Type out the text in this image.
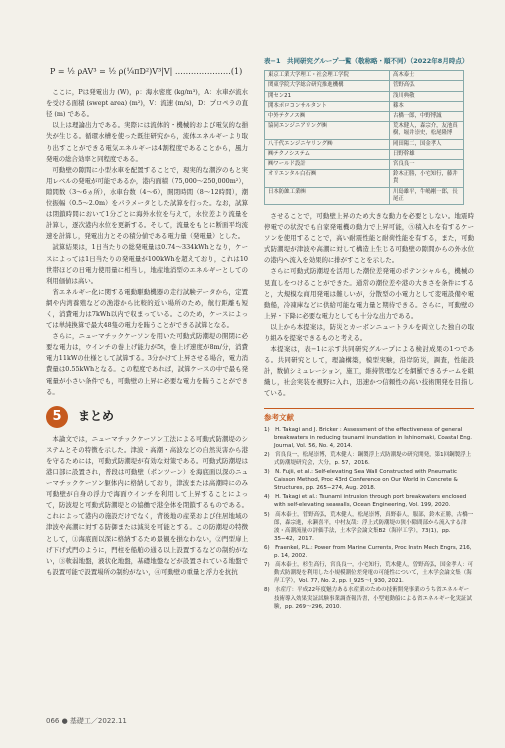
P = ½ ρAV³ = ½ ρ(¼πD²)V³|V| …………………(1)

ここに，Pは発電出力 (W)，ρ：海水密度 (kg/m³)，A：水車が流水を受ける面積 (swept area) (m²)，V：流速 (m/s)，D：プロペラの直径 (m) である。

以上は理論出力である。実際には流体的・機械的および電気的な損失が生じる。循環水槽を使った既往研究から，流体エネルギーより取り出すことができる電気エネルギーは4割程度であることから，風力発電の総合効率と同程度である。

可動壁の隙間に小型水車を配置することで，現実的な潮汐のもと実用レベルの発電が可能であるか，港内面積（75,000〜250,000m²），隙間数（3〜6ヵ所），水車台数（4〜6），開閉時間（8〜12時間），潮位振幅（0.5〜2.0m）をパラメータとした試算を行った。なお，試算は閉鎖時間において1分ごとに海外水位を与えて，水位差より流量を計算し，逐次港内水位を更新する。そして，流量をもとに断面平均流速を計算し，発電出力とその積分値である電力量（発電量）とした。

試算結果は，1日当たりの総発電量は0.74〜334kWhとなり，ケースによっては1日当たりの発電量が100kWhを超えており，これは10世帯ほどの日電力使用量に相当し，地産地消型のエネルギーとしての利用価値は高い。

省エネルギー化に関する電動駆動機器の走行試験データから，定置網や内湾養殖などの漁港から比較的近い場所のため，航行距離も短く，消費電力は7kWh以内で収まっている。このため，ケースによっては単純換算で最大48隻の電力を賄うことができる試算となる。

さらに，ニューマチックケーソンを用いた可動式防潮堤の開閉に必要な電力は，ウインチの巻上げ能力が5t，巻上げ速度が8m/分，消費電力11kWの仕様として試算する。3分かけて上昇させる場合，電力消費量は0.55kWhとなる。この程度であれば，試算ケースの中で最も発電量が小さい条件でも，可動壁の上昇に必要な電力を賄うことができる。

5	まとめ

本論文では，ニューマチックケーソン工法による可動式防潮堤のシステムとその特徴を示した。津波・高潮・高波などの自然災害から港を守るためには，可動式防潮堤が有効な対策である。可動式防潮堤は港口部に設置され，普段は可動壁（ポンツーン）を海底面以深のニューマチックケーソン躯体内に格納しており，津波または高潮時にのみ可動壁が自身の浮力で海面ウインチを利用して上昇することによって，防波堤と可動式防潮堤との協働で港全体を閉鎖するものである。これによって港内の施設だけでなく，背後地の産業および住居地域の津波や高潮に対する防御または減災を可能とする。この防潮堤の特徴として，①海底面以深に格納するため景観を損なわない，②門型扉上げ下げ式門のように，門柱を船舶の通る以上設置するなどの制約がない，③軟弱地盤，液状化地盤，基礎地盤などが設置されている地盤でも設置可能で設置場所の制約がない，④可動壁の重量と浮力を抗抗

表−1　共同研究グループ一覧（敬称略・順不同）（2022年8月時点）
東京工業大学理工・社会理工学院	高木泰士
関東学院大学総合研究推進機構	菅野高弘
開セン21	浅川典敬
開本ポロコンサルタント	篠本
中外テクノス㈱	古橋一郎，中野博誠
協同エンジニアリング㈱	荒木健人，森宗介，友池真樹，堀井崇史，松尾隆博
八千代エンジニヤリング㈱	岡田陽二，国金孝人
㈱テクノシステム	日野幹雄
㈱ワールド設計	宮良良一
オリエンタル白石㈱	鈴木正勝，小宅知行，藤井貴
日本防蝕工業㈱	川島雄平，牛嶋剛一郎，長尾正

させることで，可動壁上昇のため大きな動力を必要としない。地震時停電での状況でも自家発電機の動力で上昇可能，⑤積入れを有するケーソンを使用することで，高い耐震性能と耐荷性能を有する，また，可動式防潮堤が津波や高潮に対して構造上生じる可動壁の隙間からの外水位の港内へ流入を効果的に排がすことを示した。

さらに可動式防潮堤を活用した潮位差発電のポテンシャルも，機械の見直しをつけることができた。通常の潮位差や港の大きさを条件にすると，大規模な商用発電は難しいが，分散型の小電力として変電設備や電動船，冷凍庫などに供給可能な電力量と期待できる。さらに，可動壁の上昇・下降に必要な電力としても十分な出力である。

以上から本提案は，防災とカーボンニュートラルを両立した独自の取り組みを提案できるものと考える。

本提案は，表−1に示す共同研究グループによる検討成果の1つである。共同研究として，理論構築，模型実験，沿岸防災，調査，性能設計，数値シミュレーション，施工，維持管理などを網羅できるチームを組織し，社会実装を視野に入れ，迅速かつ信頼性の高い技術開発を目指している。

参考文献

1)　H. Takagi and J. Bricker : Assessment of the effectiveness of general breakwaters in reducing tsunami inundation in Ishinomaki, Coastal Eng. Journal, Vol. 56, No. 4, 2014.

2)　宮良良一，松尾崇博，荒木健人：鋼製浮上式防潮堤の研究開発，第1回鋼製浮上式防潮堤研究会，大分，p. 57，2016.

3)　N. Fujii, et al.: Self-elevating Sea Wall Constructed with Pneumatic Caisson Method, Proc 43rd Conference on Our World in Concrete & Structures, pp. 265−274, Aug. 2018.

4)　H. Takagi et al.: Tsunami intrusion through port breakwaters enclosed with self-elevating seawalls, Ocean Engineering, Vol. 199, 2020.

5)　高木泰士，菅野高弘，荒木健人，松尾崇博，真野泰人，服部，鈴木正勝，古橋一郎，森宗進，永瀬喜平，中村友哉：浮上式防潮堤の狭小隙間部から流入する津波・高潮流量の評価手法，土木学会論文集B2（海岸工学），73(1)，pp. 35−42，2017.

6)　Fraenkel, P.L.: Power from Marine Currents, Proc Instn Mech Engrs, 216, p. 14, 2002.

7)　高木泰士，杉生高行，宮良良一，小宅知行，荒木健人，曽野高弘，国金孝人：可動式防潮堤を利用した小規模潮位差発電の可能性について，土木学会論文集（海岸工学），Vol. 77, No. 2, pp. I_925〜I_930, 2021.

8)　水産庁：平成22年度魅力ある水産業のための技術開発事業のうち省エネルギー技術導入効果実証試験事業調査報告書，小型電動船による省エネルギー化実証試験，pp. 269〜296, 2010.

066 ● 基礎工／2022.11
